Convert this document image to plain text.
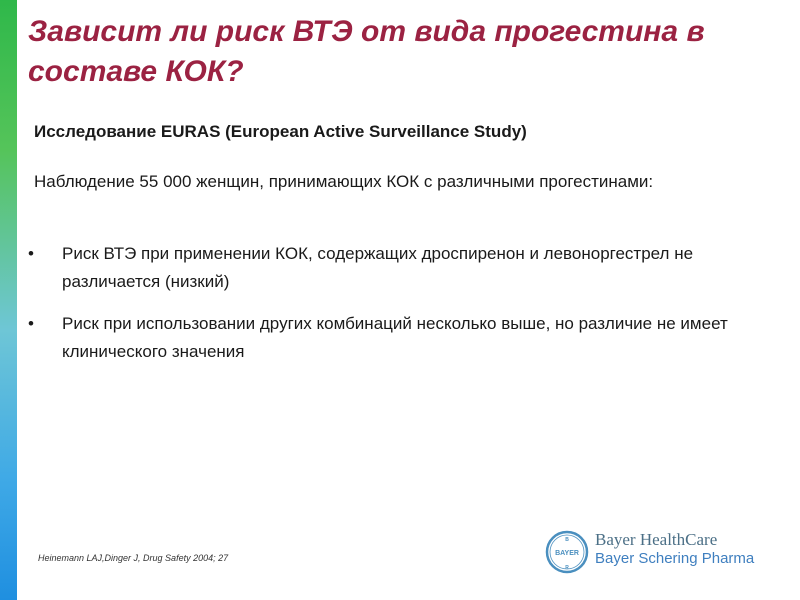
Зависит ли риск ВТЭ от вида прогестина в составе КОК?
Исследование EURAS (European Active Surveillance Study)
Наблюдение 55 000 женщин, принимающих КОК с различными прогестинами:
• Риск ВТЭ при применении КОК, содержащих дроспиренон и левоноргестрел не различается (низкий)
• Риск при использовании других комбинаций несколько выше, но различие не имеет клинического значения
Heinemann LAJ,Dinger J, Drug Safety 2004; 27	BAYER
B
R
Bayer HealthCare
Bayer Schering Pharma
